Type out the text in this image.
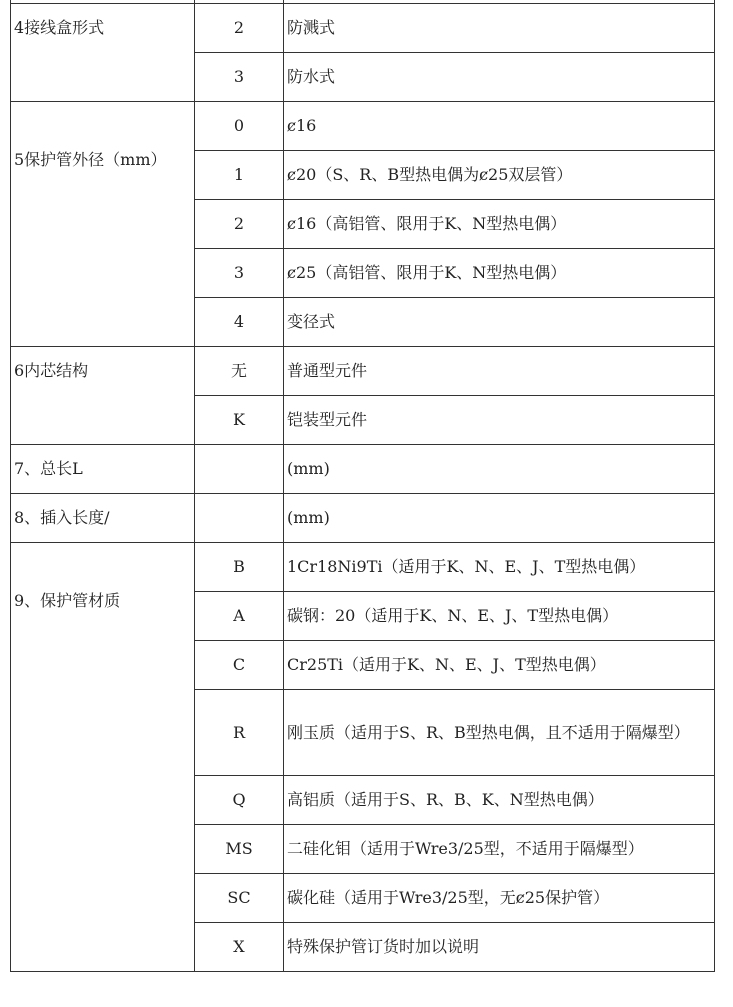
4接线盒形式	2	防溅式
	3	防水式

5保护管外径（mm）	0	ȼ16
	1	ȼ20（S、R、B型热电偶为ȼ25双层管）
	2	ȼ16（高铝管、限用于K、N型热电偶）
	3	ȼ25（高铝管、限用于K、N型热电偶）
	4	变径式

6内芯结构	无	普通型元件
	K	铠装型元件
7、总长L		(mm)
8、插入长度/		(mm)

9、保护管材质	B	1Cr18Ni9Ti（适用于K、N、E、J、T型热电偶）
	A	碳钢：20（适用于K、N、E、J、T型热电偶）
	C	Cr25Ti（适用于K、N、E、J、T型热电偶）
	R	刚玉质（适用于S、R、B型热电偶，且不适用于隔爆型）
	Q	高铝质（适用于S、R、B、K、N型热电偶）
	MS	二硅化钼（适用于Wre3/25型，不适用于隔爆型）
	SC	碳化硅（适用于Wre3/25型，无ȼ25保护管）
	X	特殊保护管订货时加以说明
